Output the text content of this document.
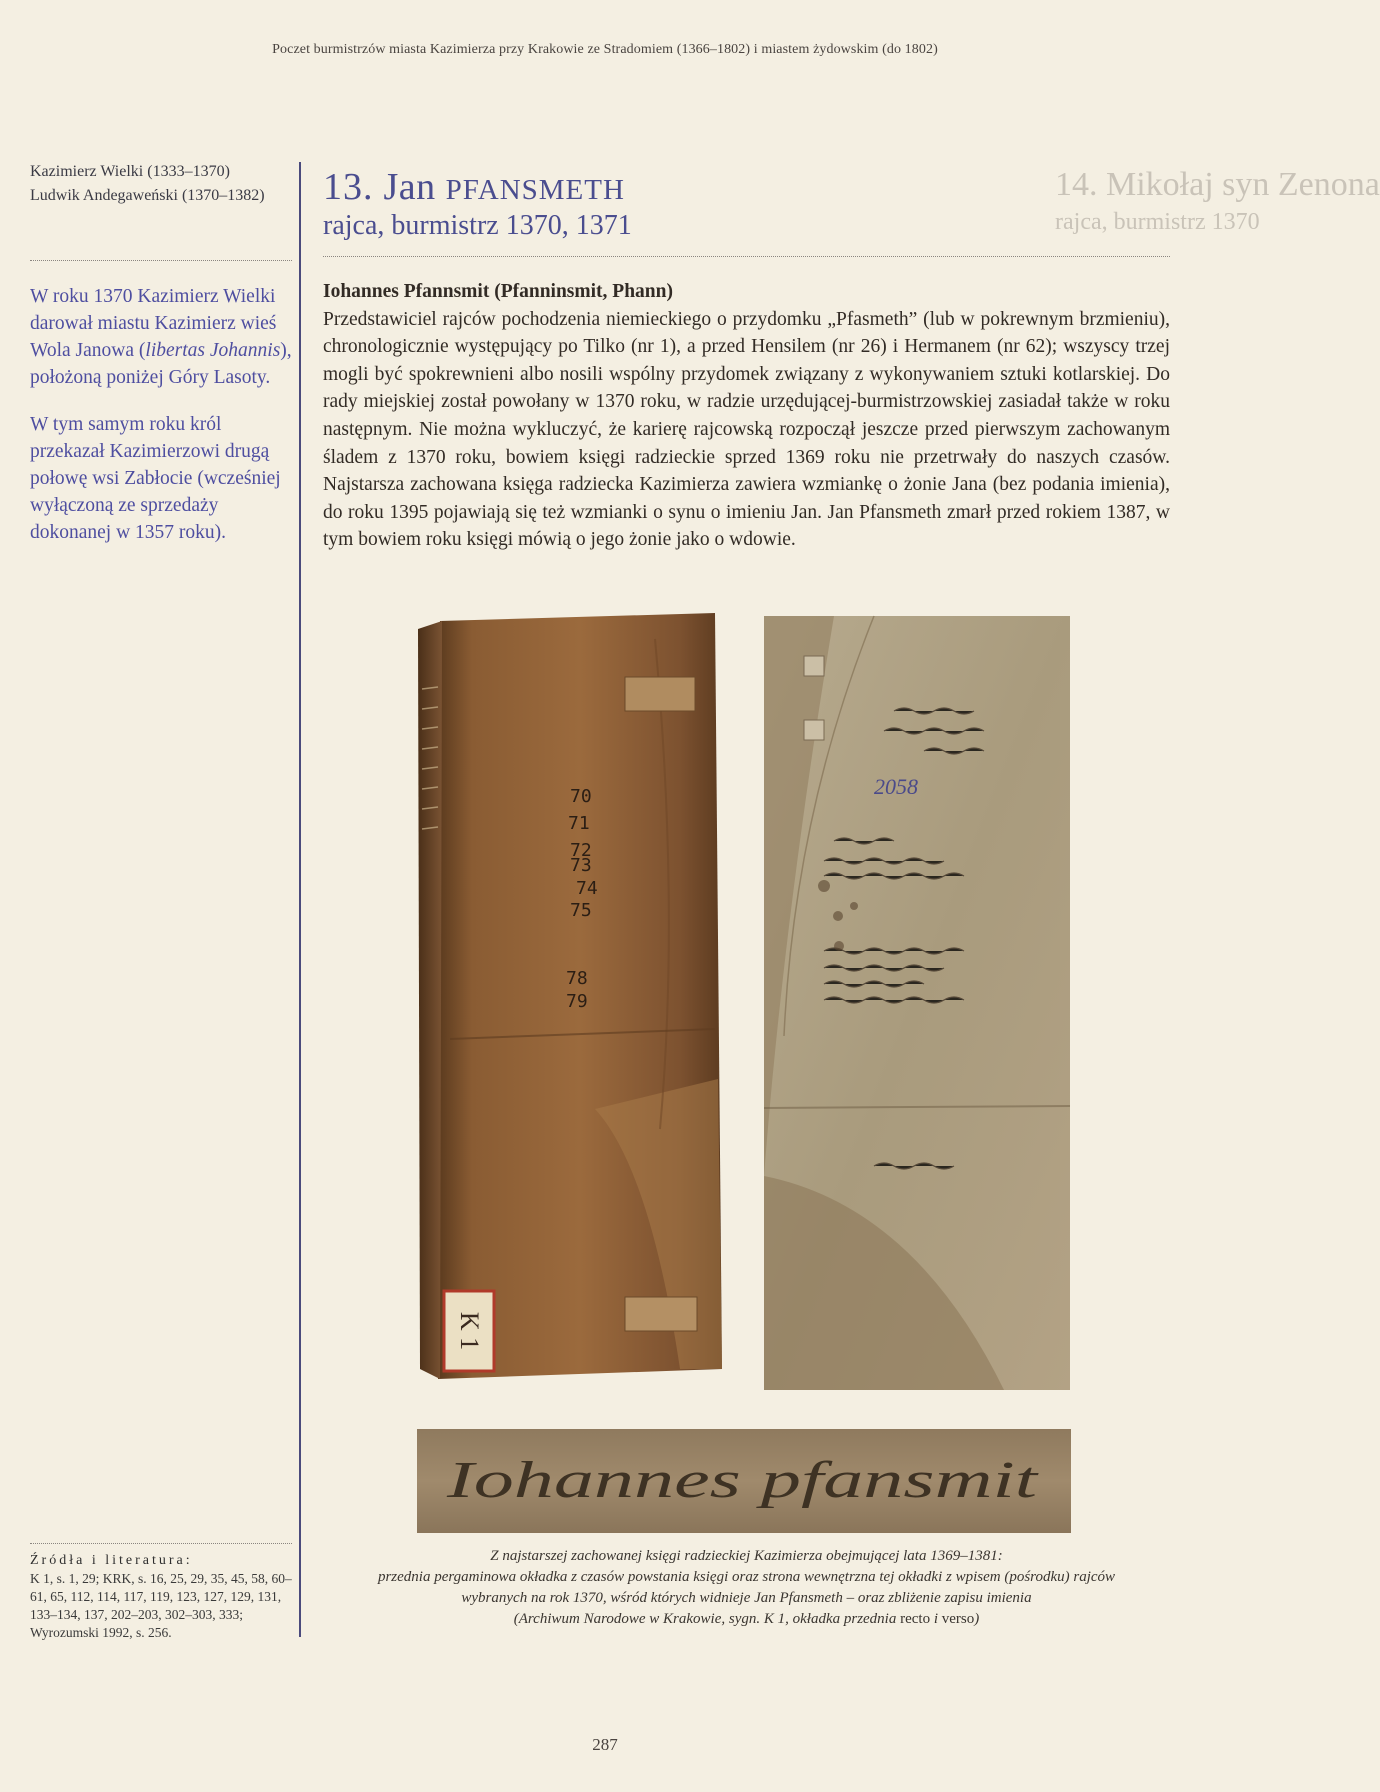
Poczet burmistrzów miasta Kazimierza przy Krakowie ze Stradomiem (1366–1802) i miastem żydowskim (do 1802)
Kazimierz Wielki (1333–1370)
Ludwik Andegaweński (1370–1382)

W roku 1370 Kazimierz Wielki darował miastu Kazimierz wieś Wola Janowa (libertas Johannis), położoną poniżej Góry Lasoty.

W tym samym roku król przekazał Kazimierzowi drugą połowę wsi Zabłocie (wcześniej wyłączoną ze sprzedaży dokonanej w 1357 roku).

Źródła i literatura:
K 1, s. 1, 29; KRK, s. 16, 25, 29, 35, 45, 58, 60–61, 65, 112, 114, 117, 119, 123, 127, 129, 131, 133–134, 137, 202–203, 302–303, 333; Wyrozumski 1992, s. 256.
13. Jan PFANSMETH
rajca, burmistrz 1370, 1371
14. Mikołaj syn Zenona
rajca, burmistrz 1370

Iohannes Pfannsmit (Pfanninsmit, Phann)

Przedstawiciel rajców pochodzenia niemieckiego o przydomku „Pfasmeth” (lub w pokrewnym brzmieniu), chronologicznie występujący po Tilko (nr 1), a przed Hensilem (nr 26) i Hermanem (nr 62); wszyscy trzej mogli być spokrewnieni albo nosili wspólny przydomek związany z wykonywaniem sztuki kotlarskiej. Do rady miejskiej został powołany w 1370 roku, w radzie urzędującej-burmistrzowskiej zasiadał także w roku następnym. Nie można wykluczyć, że karierę rajcowską rozpoczął jeszcze przed pierwszym zachowanym śladem z 1370 roku, bowiem księgi radzieckie sprzed 1369 roku nie przetrwały do naszych czasów. Najstarsza zachowana księga radziecka Kazimierza zawiera wzmiankę o żonie Jana (bez podania imienia), do roku 1395 pojawiają się też wzmianki o synu o imieniu Jan. Jan Pfansmeth zmarł przed rokiem 1387, w tym bowiem roku księgi mówią o jego żonie jako o wdowie.

K 1
70
71
72
73
74
75
78
79
2058
Iohannes pfansmit
Z najstarszej zachowanej księgi radzieckiej Kazimierza obejmującej lata 1369–1381:
przednia pergaminowa okładka z czasów powstania księgi oraz strona wewnętrzna tej okładki z wpisem (pośrodku) rajców
wybranych na rok 1370, wśród których widnieje Jan Pfansmeth – oraz zbliżenie zapisu imienia
(Archiwum Narodowe w Krakowie, sygn. K 1, okładka przednia recto i verso)
287
